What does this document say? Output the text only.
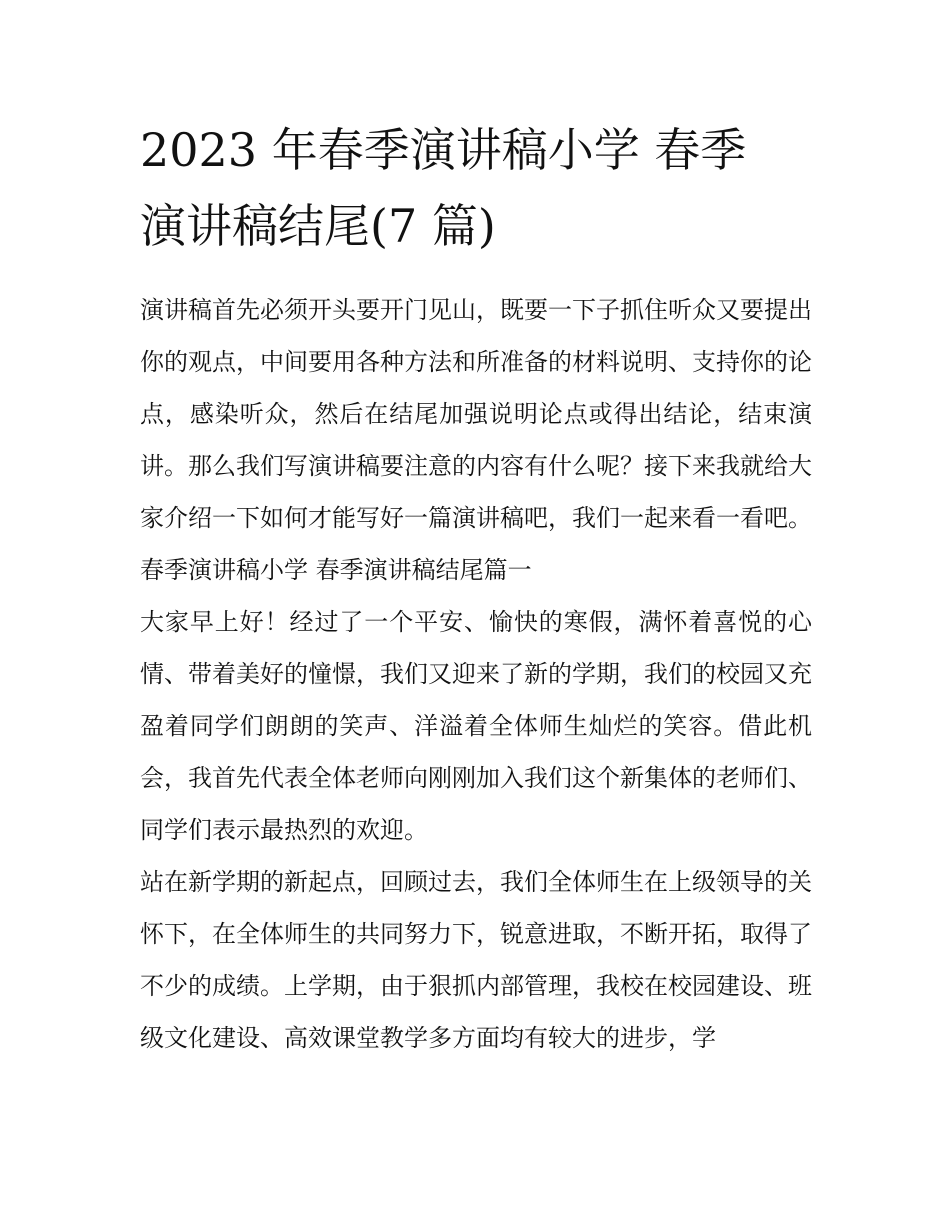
2023 年春季演讲稿小学 春季
演讲稿结尾(7 篇)

演讲稿首先必须开头要开门见山，既要一下子抓住听众又要提出你的观点，中间要用各种方法和所准备的材料说明、支持你的论点，感染听众，然后在结尾加强说明论点或得出结论，结束演讲。那么我们写演讲稿要注意的内容有什么呢？接下来我就给大家介绍一下如何才能写好一篇演讲稿吧，我们一起来看一看吧。

春季演讲稿小学 春季演讲稿结尾篇一

大家早上好！经过了一个平安、愉快的寒假，满怀着喜悦的心情、带着美好的憧憬，我们又迎来了新的学期，我们的校园又充盈着同学们朗朗的笑声、洋溢着全体师生灿烂的笑容。借此机会，我首先代表全体老师向刚刚加入我们这个新集体的老师们、同学们表示最热烈的欢迎。

站在新学期的新起点，回顾过去，我们全体师生在上级领导的关怀下，在全体师生的共同努力下，锐意进取，不断开拓，取得了不少的成绩。上学期，由于狠抓内部管理，我校在校园建设、班级文化建设、高效课堂教学多方面均有较大的进步，学
